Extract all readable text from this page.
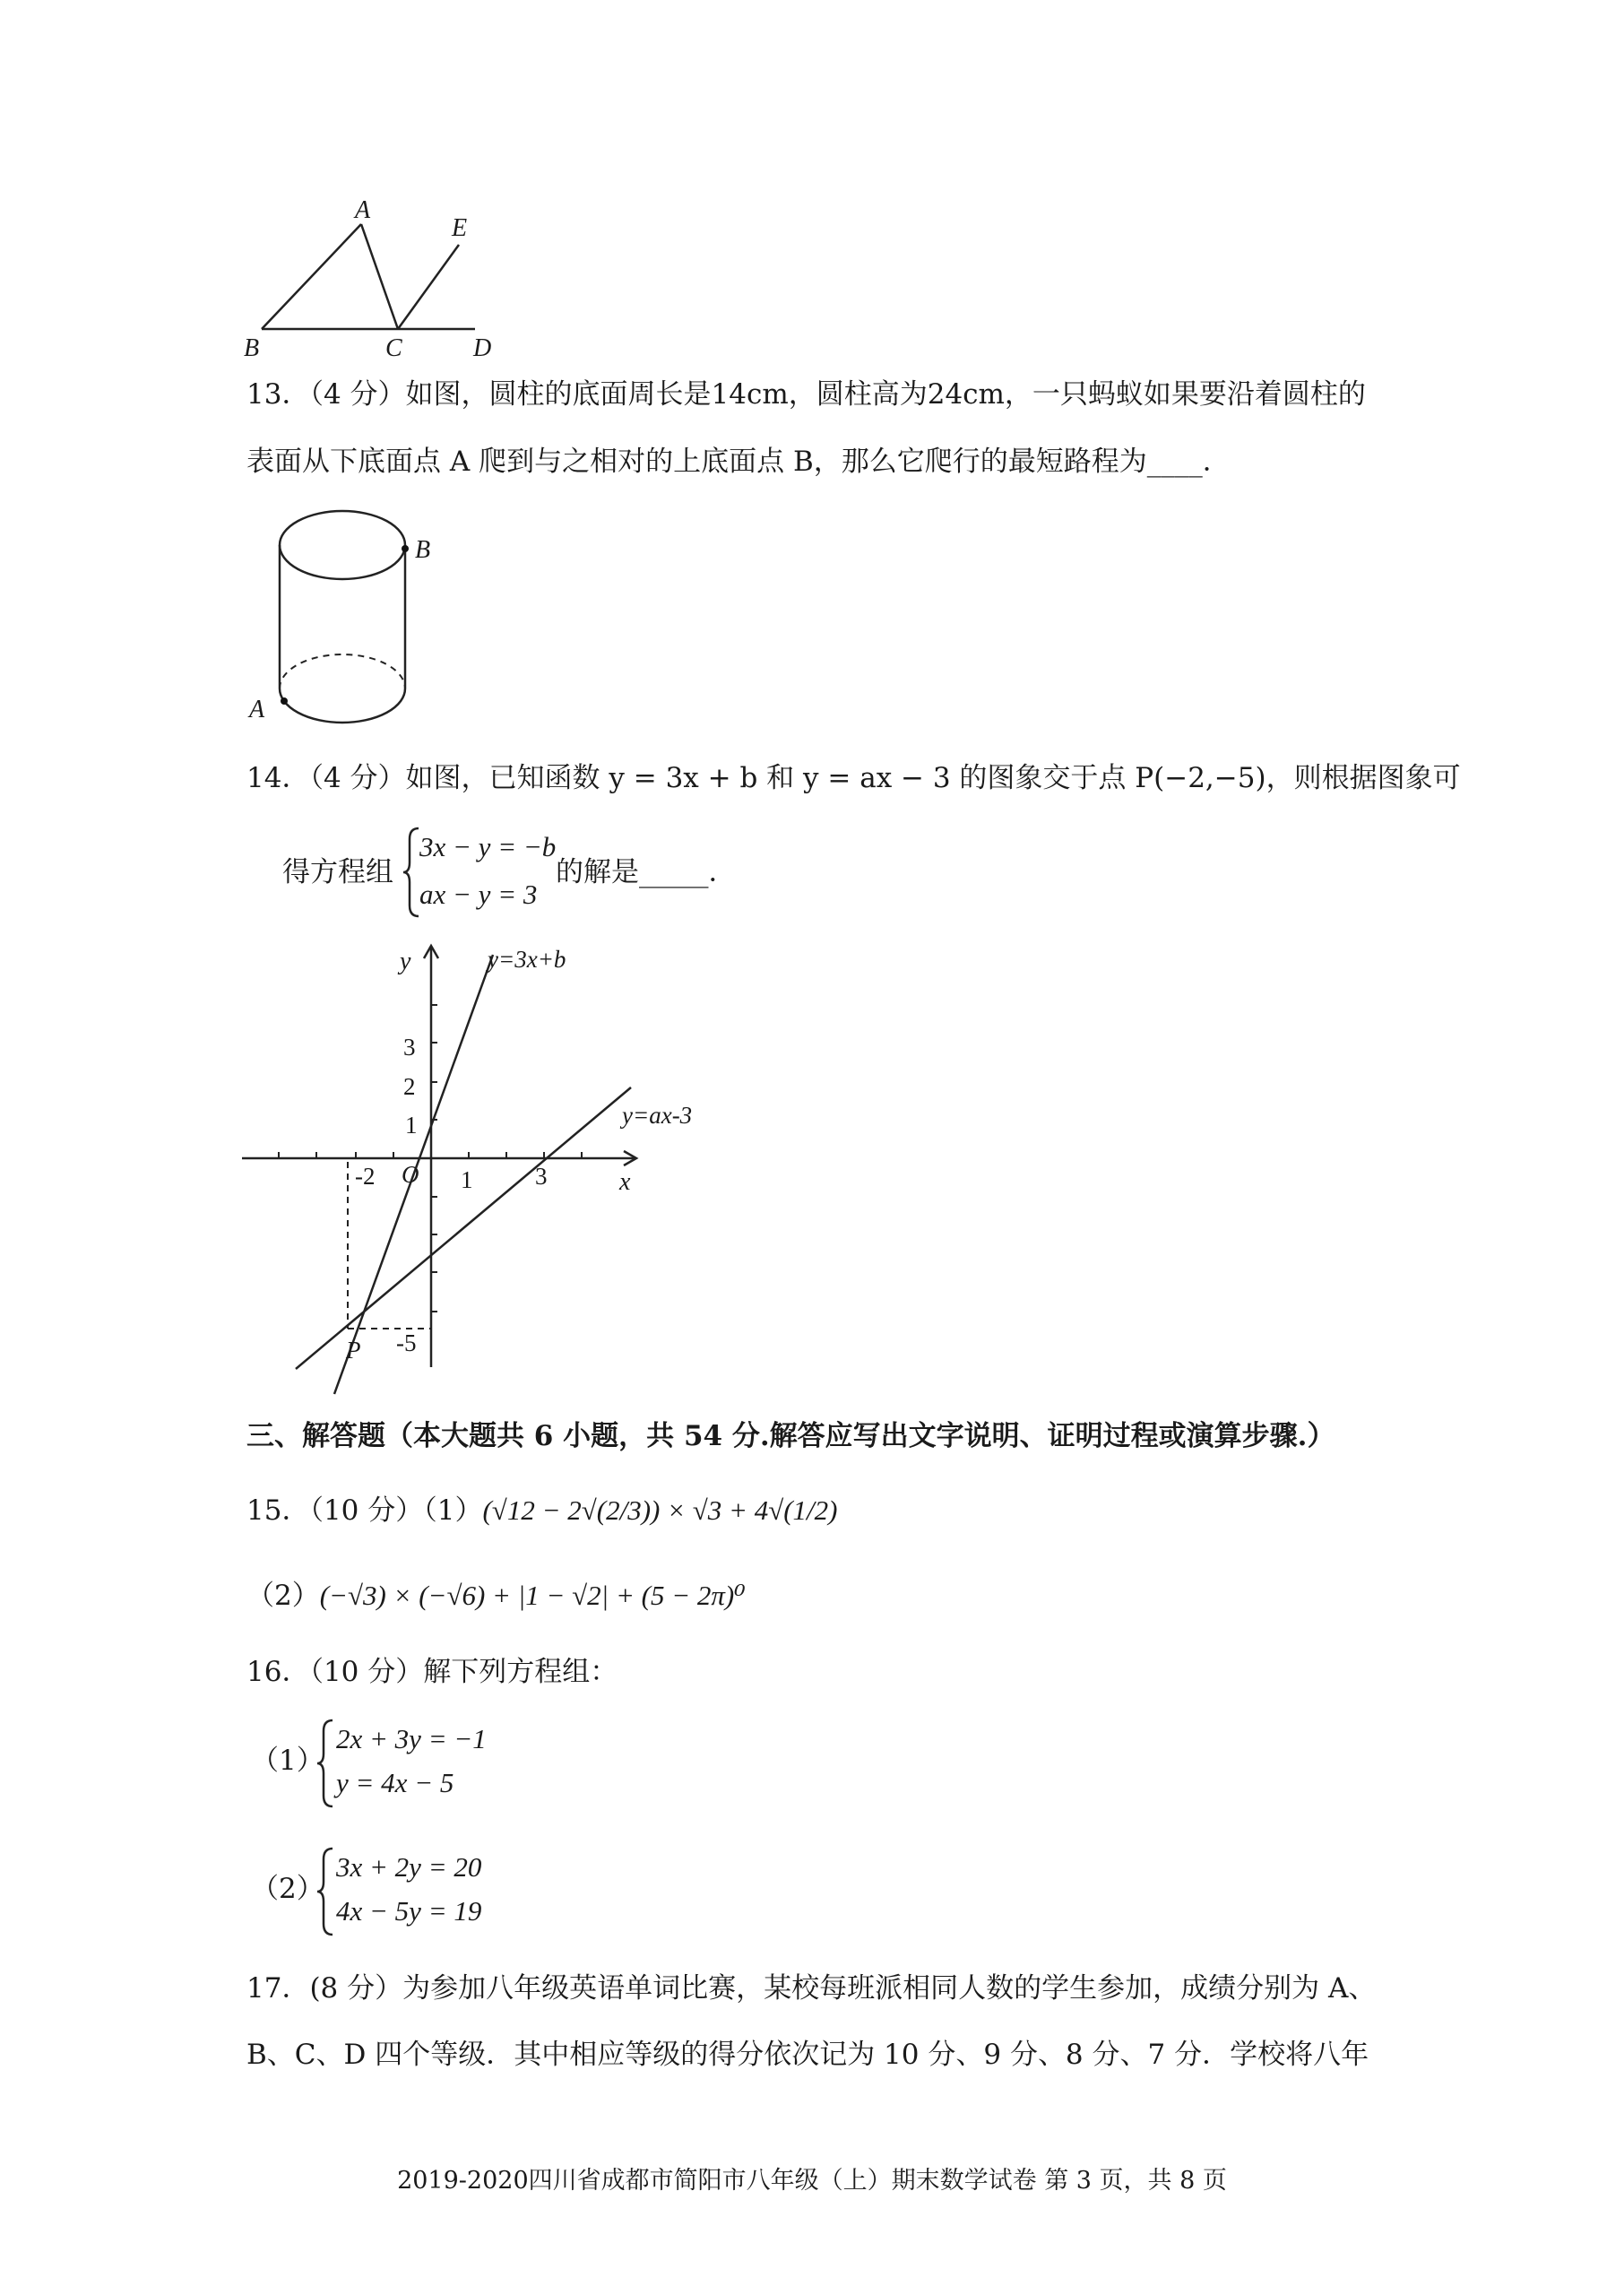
A
B	C	D
E
13．（4 分）如图，圆柱的底面周长是14cm，圆柱高为24cm，一只蚂蚁如果要沿着圆柱的
表面从下底面点 A 爬到与之相对的上底面点 B，那么它爬行的最短路程为____．
B
A
14．（4 分）如图，已知函数 y = 3x + b 和 y = ax − 3 的图象交于点 P(−2,−5)，则根据图象可
得方程组
3x − y = −b
ax − y = 3
的解是_____．
y
x
y=3x+b
y=ax-3
3
2
1
O 1	3
-2
-5
P
三、解答题（本大题共 6 小题，共 54 分.解答应写出文字说明、证明过程或演算步骤.）
15．（10 分）（1）(√12 − 2√(2/3)) × √3 + 4√(1/2)
（2）(−√3) × (−√6) + |1 − √2| + (5 − 2π)⁰
16．（10 分）解下列方程组：
（1）
2x + 3y = −1
y = 4x − 5
（2）
3x + 2y = 20
4x − 5y = 19
17．(8 分）为参加八年级英语单词比赛，某校每班派相同人数的学生参加，成绩分别为 A、
B、C、D 四个等级．其中相应等级的得分依次记为 10 分、9 分、8 分、7 分．学校将八年
2019-2020四川省成都市简阳市八年级（上）期末数学试卷 第 3 页，共 8 页
